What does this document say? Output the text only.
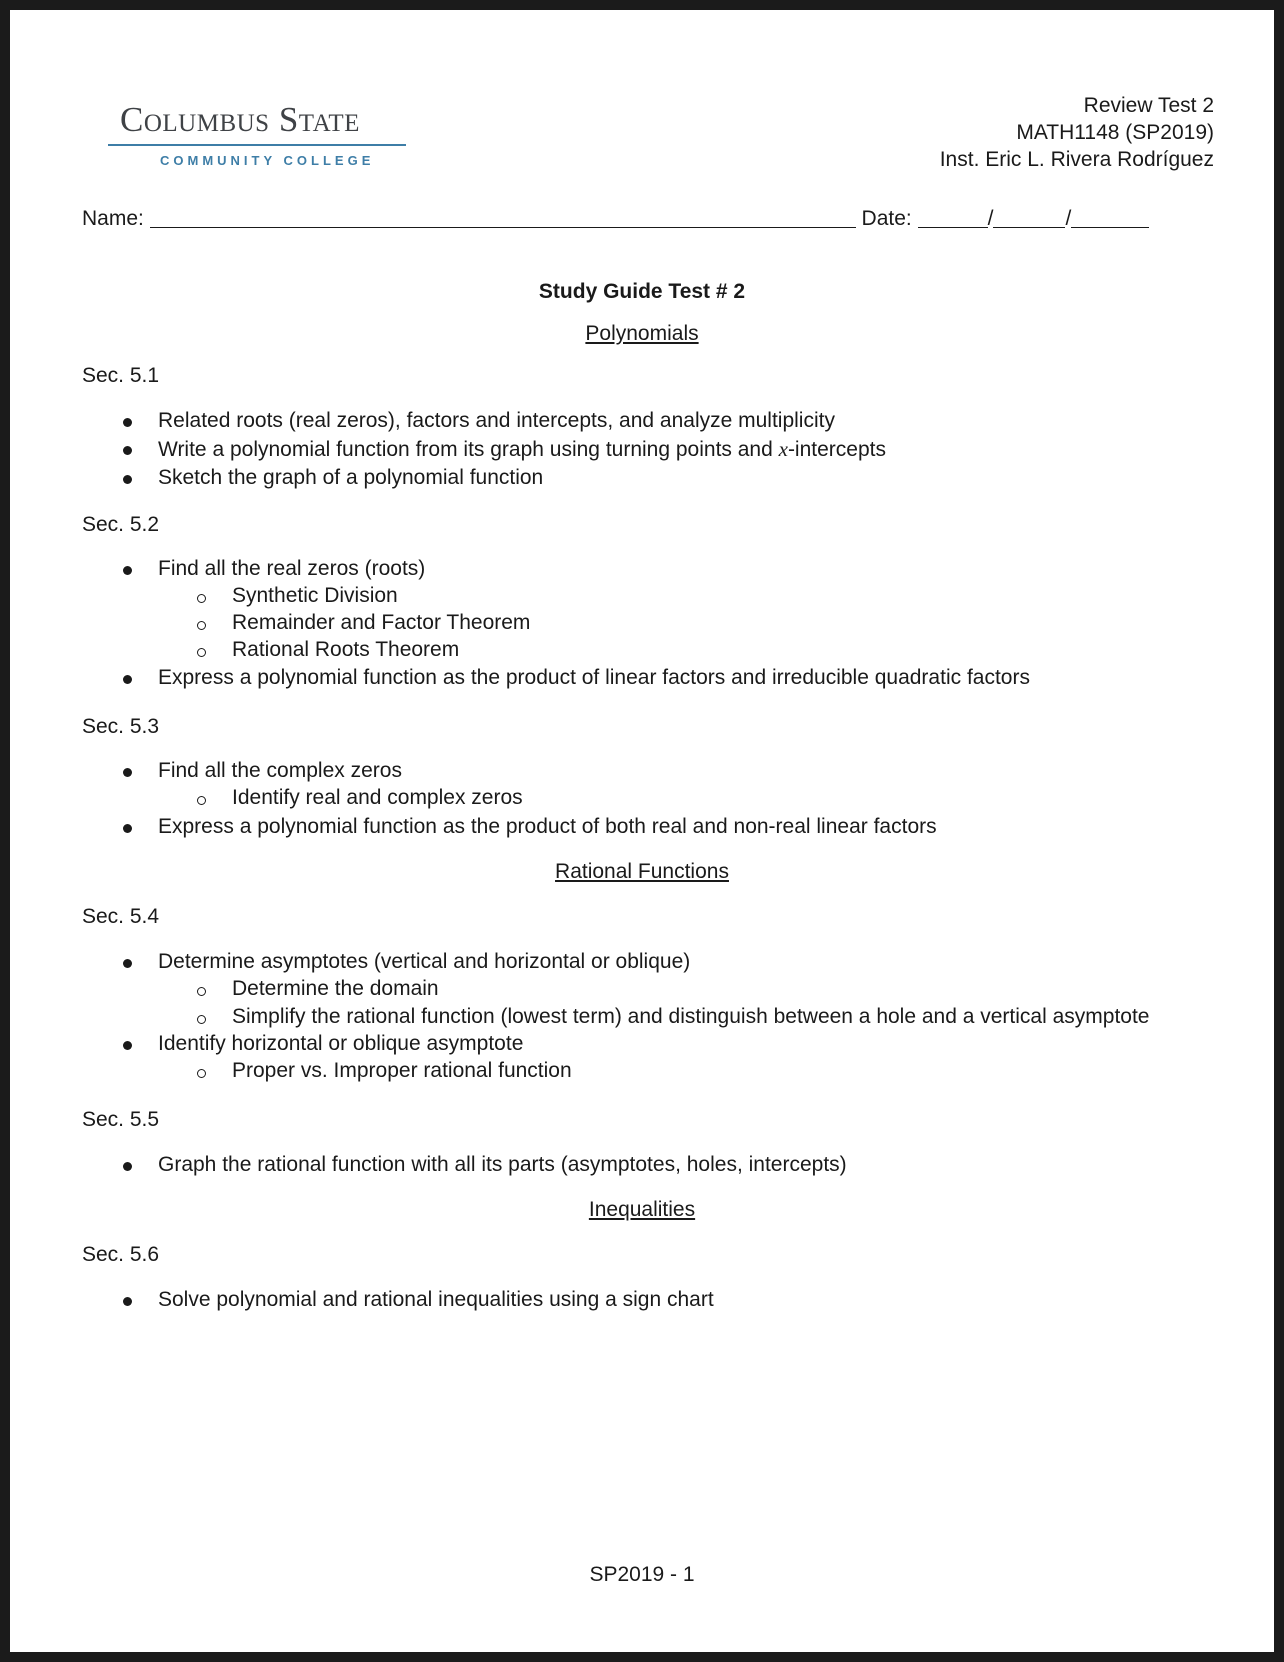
Columbus State
COMMUNITY COLLEGE
Review Test 2
MATH1148 (SP2019)
Inst. Eric L. Rivera Rodríguez
Name:	Date:	/	/
Study Guide Test # 2
Polynomials
Sec. 5.1
Related roots (real zeros), factors and intercepts, and analyze multiplicity
Write a polynomial function from its graph using turning points and x-intercepts
Sketch the graph of a polynomial function
Sec. 5.2
Find all the real zeros (roots)
Synthetic Division
Remainder and Factor Theorem
Rational Roots Theorem
Express a polynomial function as the product of linear factors and irreducible quadratic factors
Sec. 5.3
Find all the complex zeros
Identify real and complex zeros
Express a polynomial function as the product of both real and non-real linear factors
Rational Functions
Sec. 5.4
Determine asymptotes (vertical and horizontal or oblique)
Determine the domain
Simplify the rational function (lowest term) and distinguish between a hole and a vertical asymptote
Identify horizontal or oblique asymptote
Proper vs. Improper rational function
Sec. 5.5
Graph the rational function with all its parts (asymptotes, holes, intercepts)
Inequalities
Sec. 5.6
Solve polynomial and rational inequalities using a sign chart
SP2019 - 1
